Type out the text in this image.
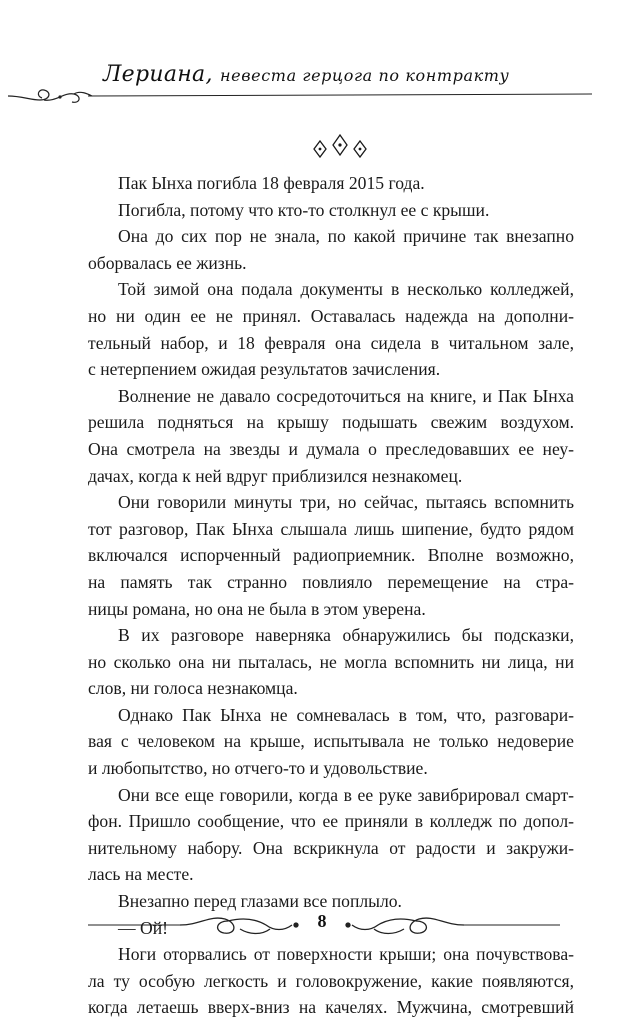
Лериана, невеста герцога по контракту
Пак Ынха погибла 18 февраля 2015 года.
Погибла, потому что кто-то столкнул ее с крыши.
Она до сих пор не знала, по какой причине так внезапно
оборвалась ее жизнь.
Той зимой она подала документы в несколько колледжей,
но ни один ее не принял. Оставалась надежда на дополни-
тельный набор, и 18 февраля она сидела в читальном зале,
с нетерпением ожидая результатов зачисления.
Волнение не давало сосредоточиться на книге, и Пак Ынха
решила подняться на крышу подышать свежим воздухом.
Она смотрела на звезды и думала о преследовавших ее неу-
дачах, когда к ней вдруг приблизился незнакомец.
Они говорили минуты три, но сейчас, пытаясь вспомнить
тот разговор, Пак Ынха слышала лишь шипение, будто рядом
включался испорченный радиоприемник. Вполне возможно,
на память так странно повлияло перемещение на стра-
ницы романа, но она не была в этом уверена.
В их разговоре наверняка обнаружились бы подсказки,
но сколько она ни пыталась, не могла вспомнить ни лица, ни
слов, ни голоса незнакомца.
Однако Пак Ынха не сомневалась в том, что, разговари-
вая с человеком на крыше, испытывала не только недоверие
и любопытство, но отчего-то и удовольствие.
Они все еще говорили, когда в ее руке завибрировал смарт-
фон. Пришло сообщение, что ее приняли в колледж по допол-
нительному набору. Она вскрикнула от радости и закружи-
лась на месте.
Внезапно перед глазами все поплыло.
— Ой!
Ноги оторвались от поверхности крыши; она почувствова-
ла ту особую легкость и головокружение, какие появляются,
когда летаешь вверх-вниз на качелях. Мужчина, смотревший
8
